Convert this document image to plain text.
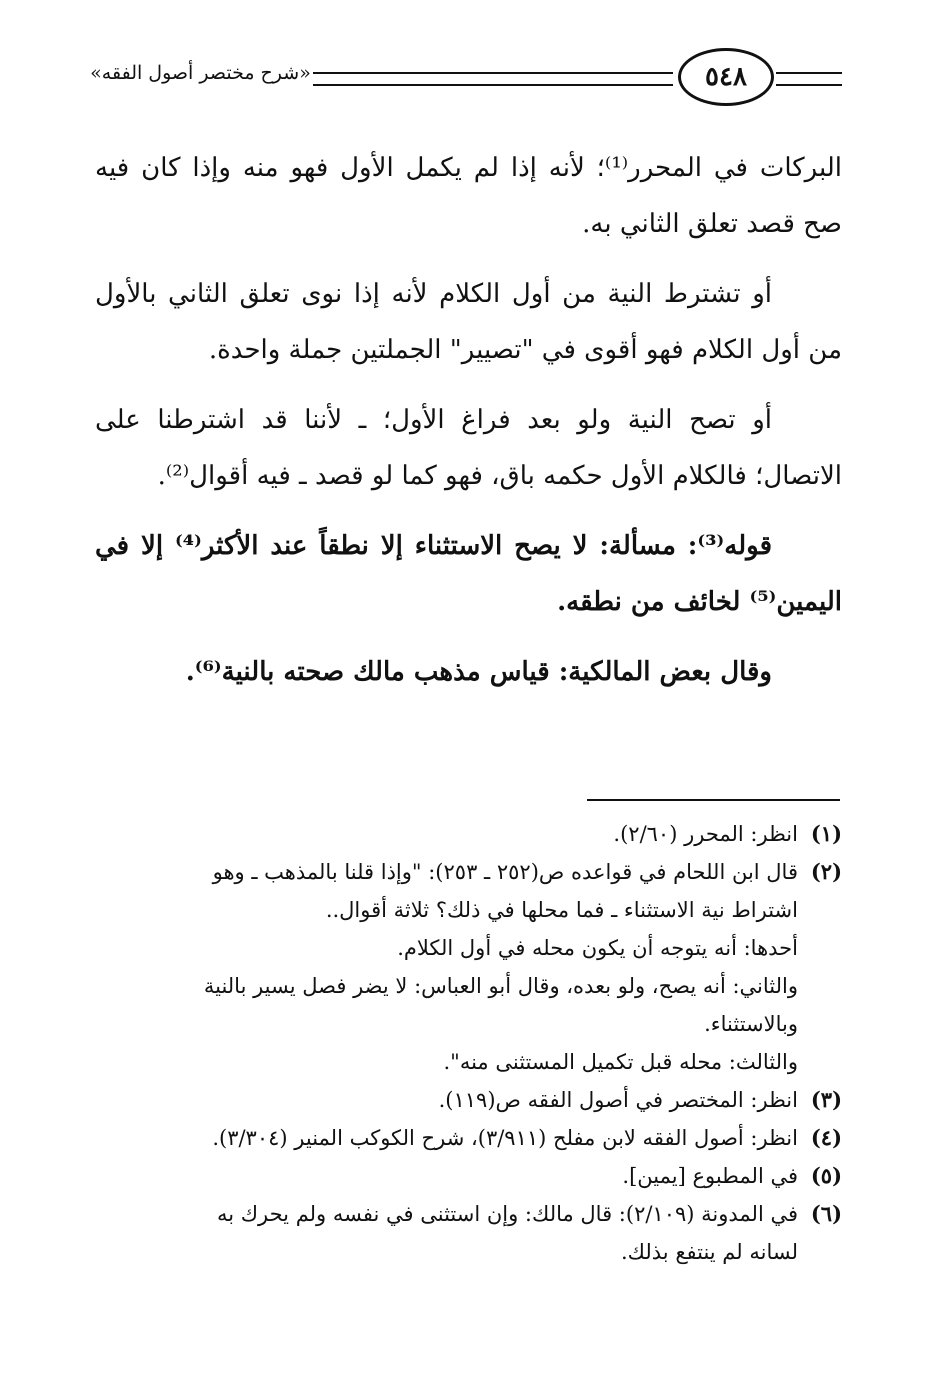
«شرح مختصر أصول الفقه»	٥٤٨

البركات في المحرر⁽¹⁾؛ لأنه إذا لم يكمل الأول فهو منه وإذا كان فيه صح قصد تعلق الثاني به.

أو تشترط النية من أول الكلام لأنه إذا نوى تعلق الثاني بالأول من أول الكلام فهو أقوى في "تصيير" الجملتين جملة واحدة.

أو تصح النية ولو بعد فراغ الأول؛ ـ لأننا قد اشترطنا على الاتصال؛ فالكلام الأول حكمه باق، فهو كما لو قصد ـ فيه أقوال⁽²⁾.

قوله⁽³⁾: مسألة: لا يصح الاستثناء إلا نطقاً عند الأكثر⁽⁴⁾ إلا في اليمين⁽⁵⁾ لخائف من نطقه.

وقال بعض المالكية: قياس مذهب مالك صحته بالنية⁽⁶⁾.

(١)
انظر: المحرر (٢/٦٠).
(٢)
قال ابن اللحام في قواعده ص(٢٥٢ ـ ٢٥٣): "وإذا قلنا بالمذهب ـ وهو
اشتراط نية الاستثناء ـ فما محلها في ذلك؟ ثلاثة أقوال..
أحدها: أنه يتوجه أن يكون محله في أول الكلام.
والثاني: أنه يصح، ولو بعده، وقال أبو العباس: لا يضر فصل يسير بالنية
وبالاستثناء.
والثالث: محله قبل تكميل المستثنى منه".
(٣)
انظر: المختصر في أصول الفقه ص(١١٩).
(٤)
انظر: أصول الفقه لابن مفلح (٣/٩١١)، شرح الكوكب المنير (٣/٣٠٤).
(٥)
في المطبوع [يمين].
(٦)
في المدونة (٢/١٠٩): قال مالك: وإن استثنى في نفسه ولم يحرك به
لسانه لم ينتفع بذلك.
